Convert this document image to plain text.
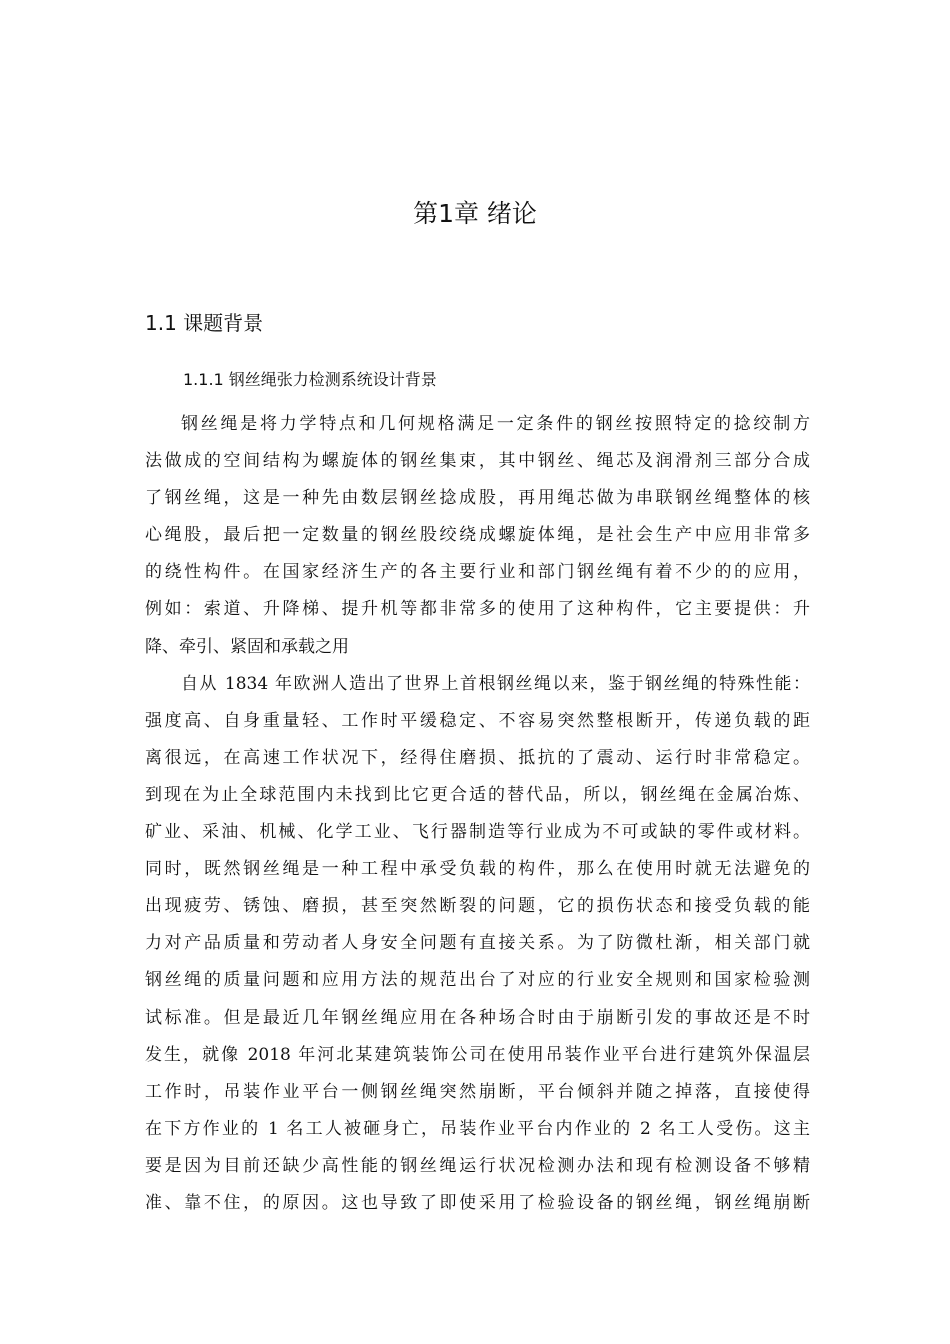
第1章 绪论
1.1 课题背景
1.1.1 钢丝绳张力检测系统设计背景
钢丝绳是将力学特点和几何规格满足一定条件的钢丝按照特定的捻绞制方
法做成的空间结构为螺旋体的钢丝集束，其中钢丝、绳芯及润滑剂三部分合成
了钢丝绳，这是一种先由数层钢丝捻成股，再用绳芯做为串联钢丝绳整体的核
心绳股，最后把一定数量的钢丝股绞绕成螺旋体绳，是社会生产中应用非常多
的绕性构件。在国家经济生产的各主要行业和部门钢丝绳有着不少的的应用，
例如：索道、升降梯、提升机等都非常多的使用了这种构件，它主要提供：升
降、牵引、紧固和承载之用
自从 1834 年欧洲人造出了世界上首根钢丝绳以来，鉴于钢丝绳的特殊性能：
强度高、自身重量轻、工作时平缓稳定、不容易突然整根断开，传递负载的距
离很远，在高速工作状况下，经得住磨损、抵抗的了震动、运行时非常稳定。
到现在为止全球范围内未找到比它更合适的替代品，所以，钢丝绳在金属冶炼、
矿业、采油、机械、化学工业、飞行器制造等行业成为不可或缺的零件或材料。
同时，既然钢丝绳是一种工程中承受负载的构件，那么在使用时就无法避免的
出现疲劳、锈蚀、磨损，甚至突然断裂的问题，它的损伤状态和接受负载的能
力对产品质量和劳动者人身安全问题有直接关系。为了防微杜渐，相关部门就
钢丝绳的质量问题和应用方法的规范出台了对应的行业安全规则和国家检验测
试标准。但是最近几年钢丝绳应用在各种场合时由于崩断引发的事故还是不时
发生，就像 2018 年河北某建筑装饰公司在使用吊装作业平台进行建筑外保温层
工作时，吊装作业平台一侧钢丝绳突然崩断，平台倾斜并随之掉落，直接使得
在下方作业的 1 名工人被砸身亡，吊装作业平台内作业的 2 名工人受伤。这主
要是因为目前还缺少高性能的钢丝绳运行状况检测办法和现有检测设备不够精
准、靠不住，的原因。这也导致了即使采用了检验设备的钢丝绳，钢丝绳崩断
